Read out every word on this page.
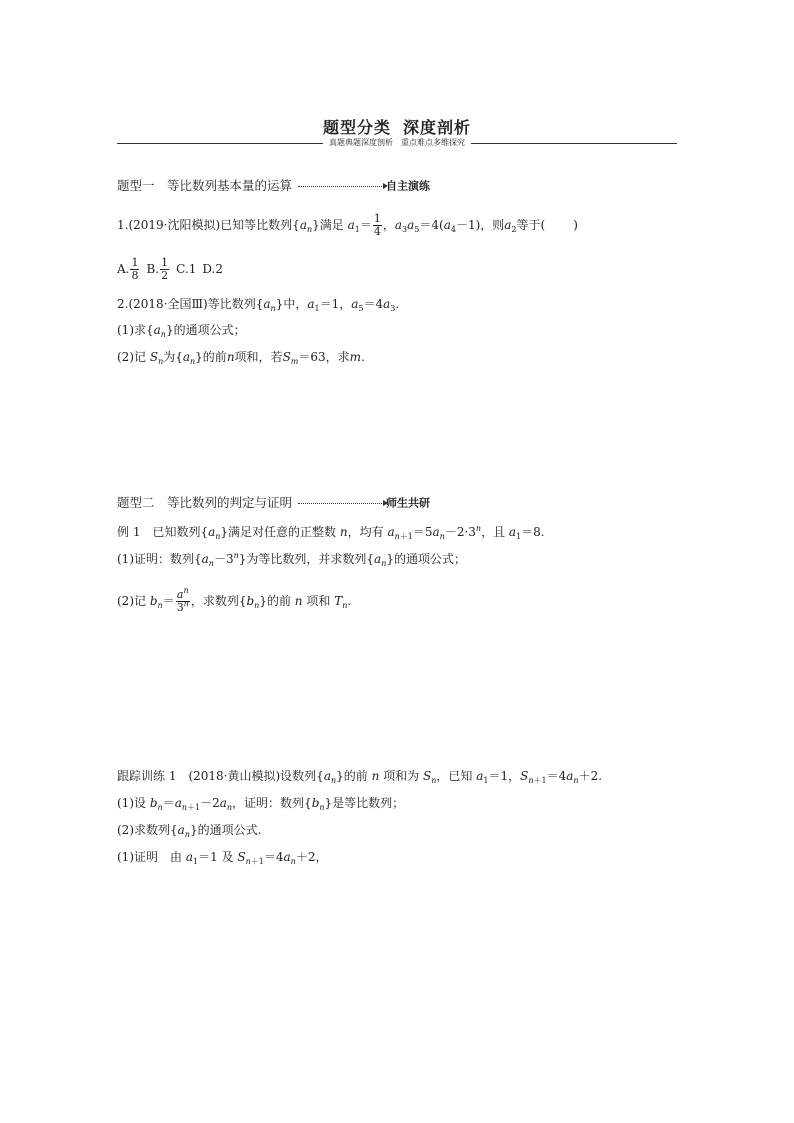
题型分类 深度剖析
真题典题深度剖析 重点难点多维探究
题型一　等比数列基本量的运算	自主演练
1.(2019·沈阳模拟)已知等比数列$\{a_n\}$满足 $a_1= \frac{1}{4}$ ，$a_3a_5=4(a_4-1)$，则$a_2$等于( )
A. $\frac{1}{8} B$. $\frac{1}{2} C.1$ D.2
2.(2018·全国Ⅲ)等比数列$\{a_n\}$中，$a_1=1$，$a_5=4a_3$.
(1)求$\{a_n\}$的通项公式；
(2)记 $S_n$为$\{a_n\}$的前n项和，若$S_m=63$，求m.
题型二　等比数列的判定与证明	师生共研
例 1 已知数列$\{a_n\}$满足对任意的正整数 n，均有 $a_{n+1}=5a_n-2\cdot 3^n$，且 $a_1=8$.
(1)证明：数列$\{a_n-3^n\}$为等比数列，并求数列$\{a_n\}$的通项公式；
(2)记 $b_n= \frac{a^n}{3^n}$ ，求数列$\{b_n\}$的前 n 项和 $T_n$.
跟踪训练 1 (2018·黄山模拟)设数列$\{a_n\}$的前 n 项和为 $S_n$，已知 $a_1=1$，$S_{n+1}=4a_n+2$.
(1)设 $b_n=a_{n+1}-2a_n$，证明：数列$\{b_n\}$是等比数列；
(2)求数列$\{a_n\}$的通项公式.
(1)证明 由 $a_1=1$ 及 $S_{n+1}=4a_n+2$，
